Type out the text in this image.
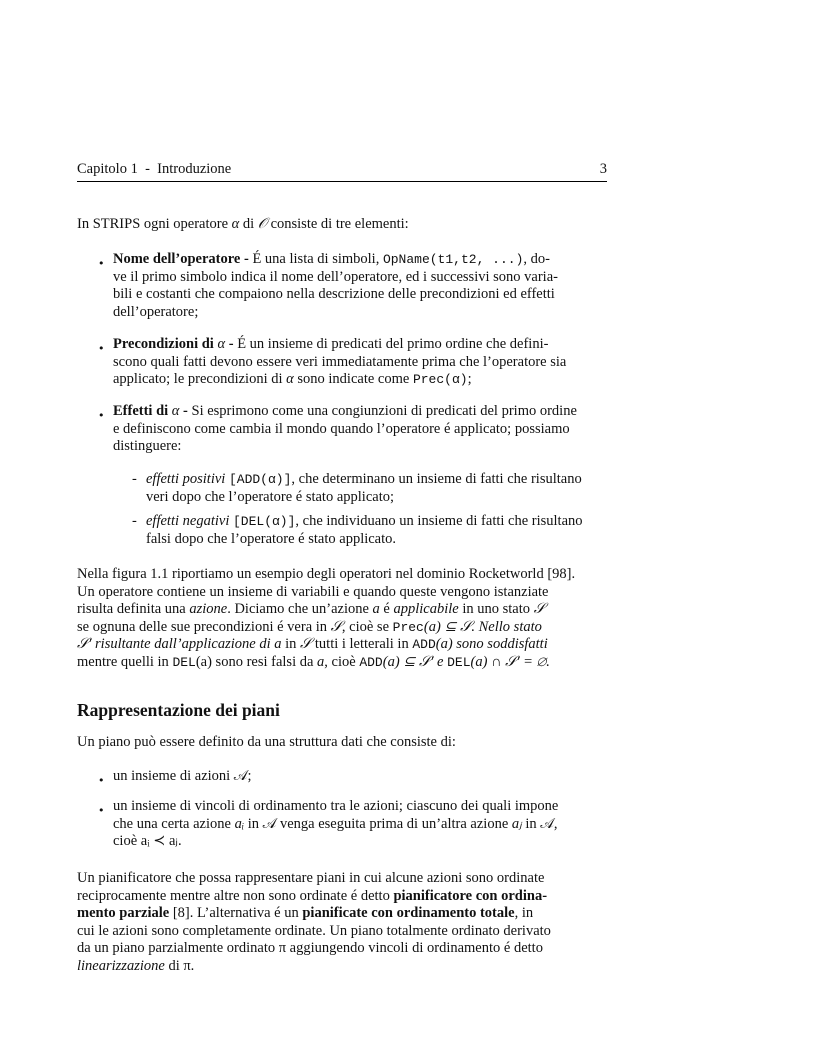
Capitolo 1  -  Introduzione	3
In STRIPS ogni operatore α di 𝒪 consiste di tre elementi:
• Nome dell’operatore - É una lista di simboli, OpName(t1,t2, ...), do-
ve il primo simbolo indica il nome dell’operatore, ed i successivi sono varia-
bili e costanti che compaiono nella descrizione delle precondizioni ed effetti
dell’operatore;
• Precondizioni di α - É un insieme di predicati del primo ordine che defini-
scono quali fatti devono essere veri immediatamente prima che l’operatore sia
applicato; le precondizioni di α sono indicate come Prec(α);
• Effetti di α - Si esprimono come una congiunzioni di predicati del primo ordine
e definiscono come cambia il mondo quando l’operatore é applicato; possiamo
distinguere:
- effetti positivi [ADD(α)], che determinano un insieme di fatti che risultano
veri dopo che l’operatore é stato applicato;
- effetti negativi [DEL(α)], che individuano un insieme di fatti che risultano
falsi dopo che l’operatore é stato applicato.
Nella figura 1.1 riportiamo un esempio degli operatori nel dominio Rocketworld [98].
Un operatore contiene un insieme di variabili e quando queste vengono istanziate
risulta definita una azione. Diciamo che un’azione a é applicabile in uno stato 𝒮
se ognuna delle sue precondizioni é vera in 𝒮, cioè se Prec(a) ⊆ 𝒮. Nello stato
𝒮′ risultante dall’applicazione di a in 𝒮 tutti i letterali in ADD(a) sono soddisfatti
mentre quelli in DEL(a) sono resi falsi da a, cioè ADD(a) ⊆ 𝒮′ e DEL(a) ∩ 𝒮′ = ∅.
Rappresentazione dei piani
Un piano può essere definito da una struttura dati che consiste di:
• un insieme di azioni 𝒜;
• un insieme di vincoli di ordinamento tra le azioni; ciascuno dei quali impone
che una certa azione aᵢ in 𝒜 venga eseguita prima di un’altra azione aⱼ in 𝒜,
cioè aᵢ ≺ aⱼ.
Un pianificatore che possa rappresentare piani in cui alcune azioni sono ordinate
reciprocamente mentre altre non sono ordinate é detto pianificatore con ordina-
mento parziale [8]. L’alternativa é un pianificate con ordinamento totale, in
cui le azioni sono completamente ordinate. Un piano totalmente ordinato derivato
da un piano parzialmente ordinato π aggiungendo vincoli di ordinamento é detto
linearizzazione di π.
